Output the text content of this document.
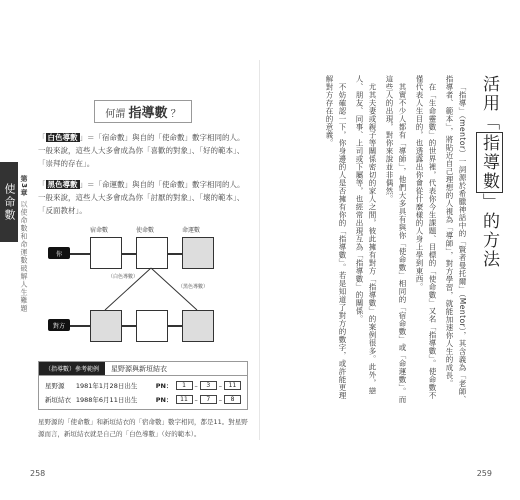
使命數 第3章 以使命數和命運數破解人生難題
何謂 指導數 ？

「 白色導數 」＝「宿命數」與自的「使命數」數字相同的人。一般來說，這些人大多會成為你「喜歡的對象」、「好的範本」、「崇拜的存在」。

「 黑色導數 」＝「命運數」與自的「使命數」數字相同的人。一般來說，這些人大多會成為你「討厭的對象」、「壞的範本」、「反面教材」。

宿命數	使命數	命運數
你
（白色導數）
（黑色導數）
對方
（指導數）參考範例	星野源與新垣結衣
星野源	1981年1月28日出生	PN：	1	–	3	–	11
新垣結衣 1988年6月11日出生	PN：	11	–	7	–	8

星野源的「使命數」和新垣結衣的「宿命數」數字相同，都是11。對星野源而言，新垣結衣就是自己的「白色導數」（好的範本）。

258
活用「指導數」的方法

「指導」（mentor）一詞源於希臘神話中的「賢者曼托爾」（Mentor），其含義為「老師、指導者、範本」，將貼近自己理想的人視為「導師」，對方學習，就能加速你人生的成長。

在「生命靈數」的世界裡，代表你今生課題、目標的「使命數」又名「指導數」。使命數不僅代表人生目的，也透露出你會從什麼樣的人身上學到東西。

其實不少人都有「導師」，他們大多具有與你「使命數」相同的「宿命數」或「命運數」。而這些人的出現，對你來說並非偶然。

尤其夫妻或親子等關係密切的家人之間，彼此擁有對方「指導數」的案例很多。此外，戀人、朋友、同事、上司或下屬等，也經常出現互為「指導數」的關係。

不妨確認一下，你身邊的人是否擁有你的「指導數」。若是知道了對方的數字，或許能更理解對方存在的意義。

259
